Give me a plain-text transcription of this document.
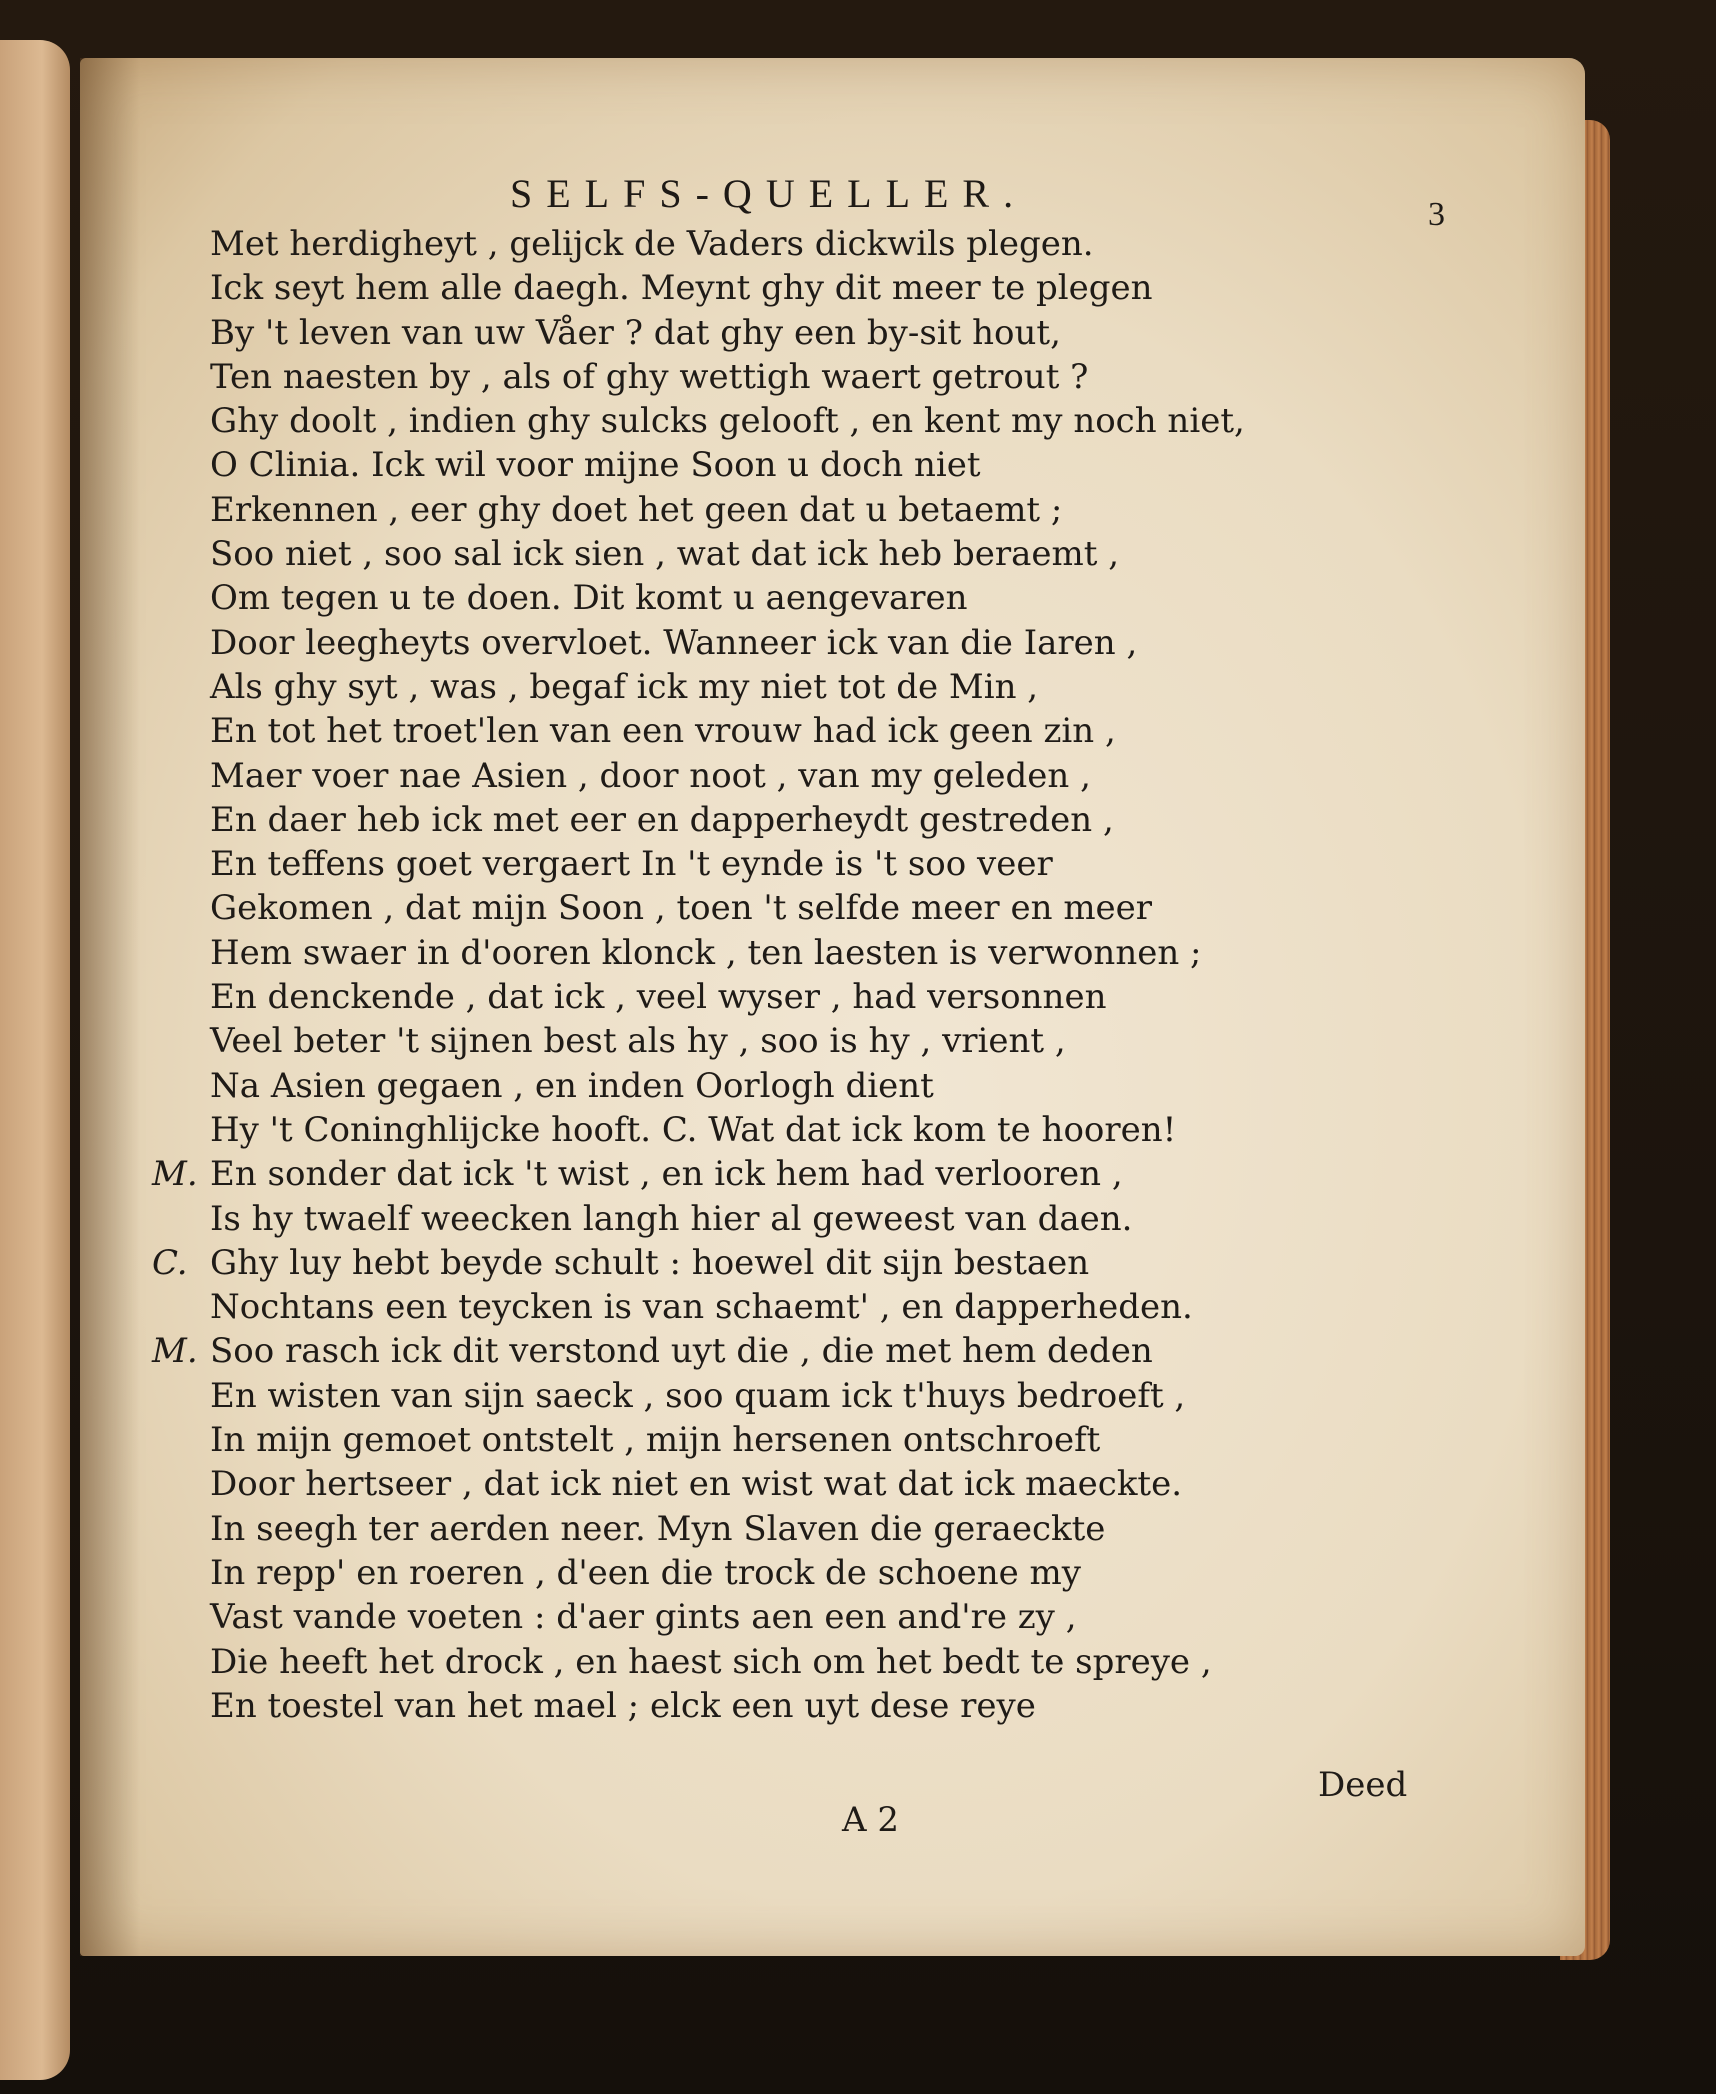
SELFS-QUELLER.	3
Met herdigheyt , gelijck de Vaders dickwils plegen.
Ick seyt hem alle daegh. Meynt ghy dit meer te plegen
By 't leven van uw Våer ? dat ghy een by-sit hout,
Ten naesten by , als of ghy wettigh waert getrout ?
Ghy doolt , indien ghy sulcks gelooft , en kent my noch niet,
O Clinia. Ick wil voor mijne Soon u doch niet
Erkennen , eer ghy doet het geen dat u betaemt ;
Soo niet , soo sal ick sien , wat dat ick heb beraemt ,
Om tegen u te doen. Dit komt u aengevaren
Door leegheyts overvloet. Wanneer ick van die Iaren ,
Als ghy syt , was , begaf ick my niet tot de Min ,
En tot het troet'len van een vrouw had ick geen zin ,
Maer voer nae Asien , door noot , van my geleden ,
En daer heb ick met eer en dapperheydt gestreden ,
En teffens goet vergaert In 't eynde is 't soo veer
Gekomen , dat mijn Soon , toen 't selfde meer en meer
Hem swaer in d'ooren klonck , ten laesten is verwonnen ;
En denckende , dat ick , veel wyser , had versonnen
Veel beter 't sijnen best als hy , soo is hy , vrient ,
Na Asien gegaen , en inden Oorlogh dient
Hy 't Coninghlijcke hooft. C. Wat dat ick kom te hooren!
M. En sonder dat ick 't wist , en ick hem had verlooren ,
Is hy twaelf weecken langh hier al geweest van daen.
C. Ghy luy hebt beyde schult : hoewel dit sijn bestaen
Nochtans een teycken is van schaemt' , en dapperheden.
M. Soo rasch ick dit verstond uyt die , die met hem deden
En wisten van sijn saeck , soo quam ick t'huys bedroeft ,
In mijn gemoet ontstelt , mijn hersenen ontschroeft
Door hertseer , dat ick niet en wist wat dat ick maeckte.
In seegh ter aerden neer. Myn Slaven die geraeckte
In repp' en roeren , d'een die trock de schoene my
Vast vande voeten : d'aer gints aen een and're zy ,
Die heeft het drock , en haest sich om het bedt te spreye ,
En toestel van het mael ; elck een uyt dese reye
A 2
Deed
